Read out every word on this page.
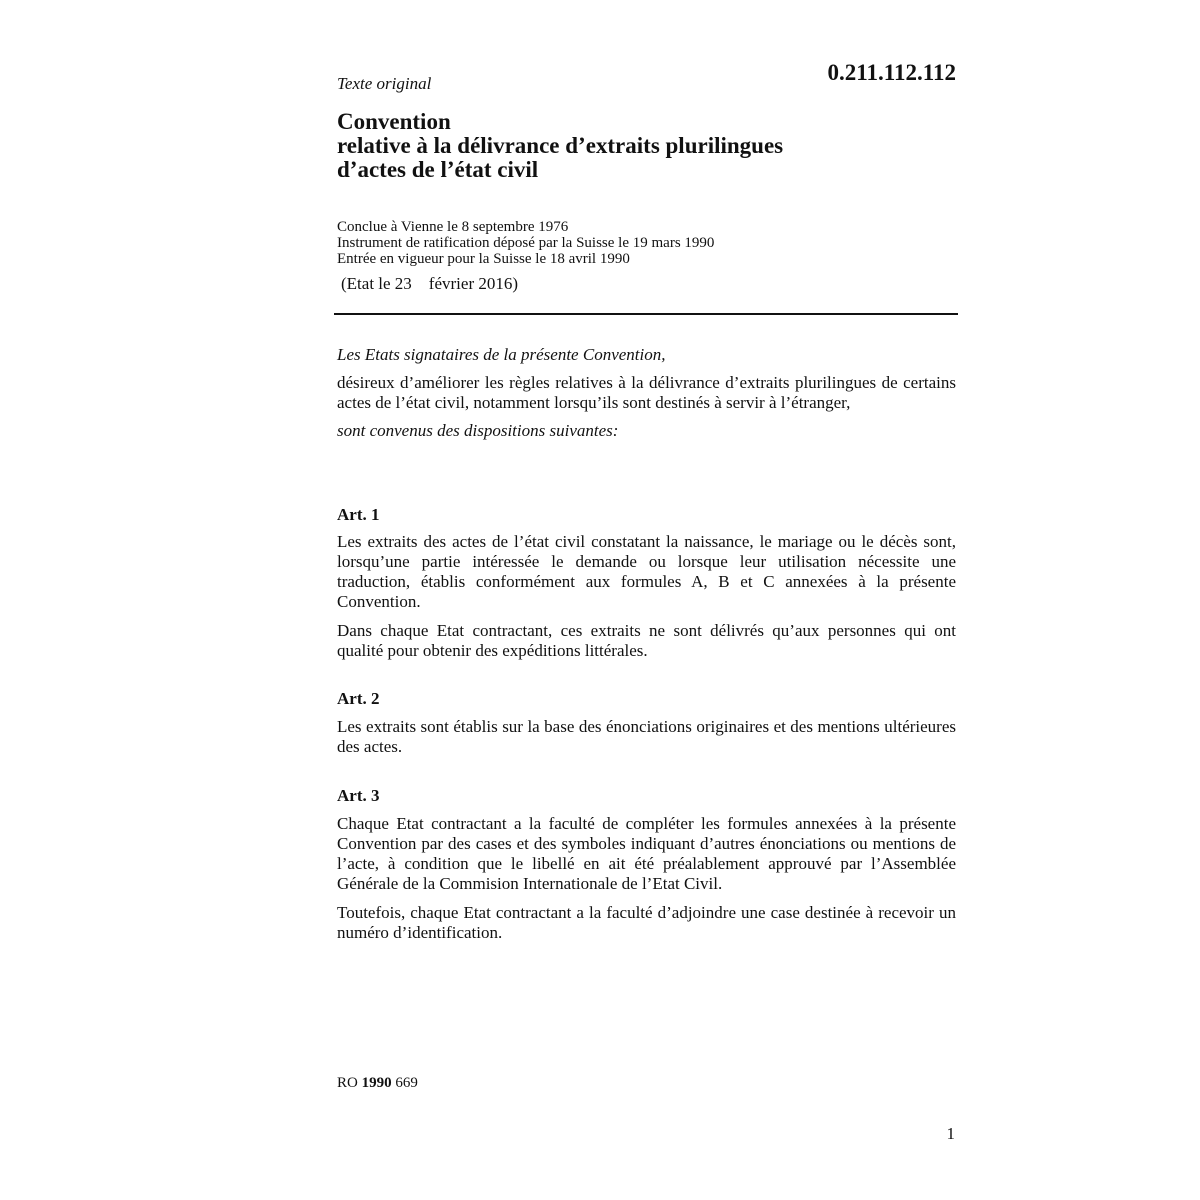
Texte original	0.211.112.112
Convention
relative à la délivrance d’extraits plurilingues
d’actes de l’état civil
Conclue à Vienne le 8 septembre 1976
Instrument de ratification déposé par la Suisse le 19 mars 1990
Entrée en vigueur pour la Suisse le 18 avril 1990
(Etat le 23    février 2016)
Les Etats signataires de la présente Convention,
désireux d’améliorer les règles relatives à la délivrance d’extraits plurilingues de certains actes de l’état civil, notamment lorsqu’ils sont destinés à servir à l’étranger,
sont convenus des dispositions suivantes:
Art. 1
Les extraits des actes de l’état civil constatant la naissance, le mariage ou le décès sont, lorsqu’une partie intéressée le demande ou lorsque leur utilisation nécessite une traduction, établis conformément aux formules A, B et C annexées à la présente Convention.
Dans chaque Etat contractant, ces extraits ne sont délivrés qu’aux personnes qui ont qualité pour obtenir des expéditions littérales.
Art. 2
Les extraits sont établis sur la base des énonciations originaires et des mentions ultérieures des actes.
Art. 3
Chaque Etat contractant a la faculté de compléter les formules annexées à la présente Convention par des cases et des symboles indiquant d’autres énonciations ou mentions de l’acte, à condition que le libellé en ait été préalablement approuvé par l’Assemblée Générale de la Commision Internationale de l’Etat Civil.
Toutefois, chaque Etat contractant a la faculté d’adjoindre une case destinée à recevoir un numéro d’identification.
RO 1990 669
1
